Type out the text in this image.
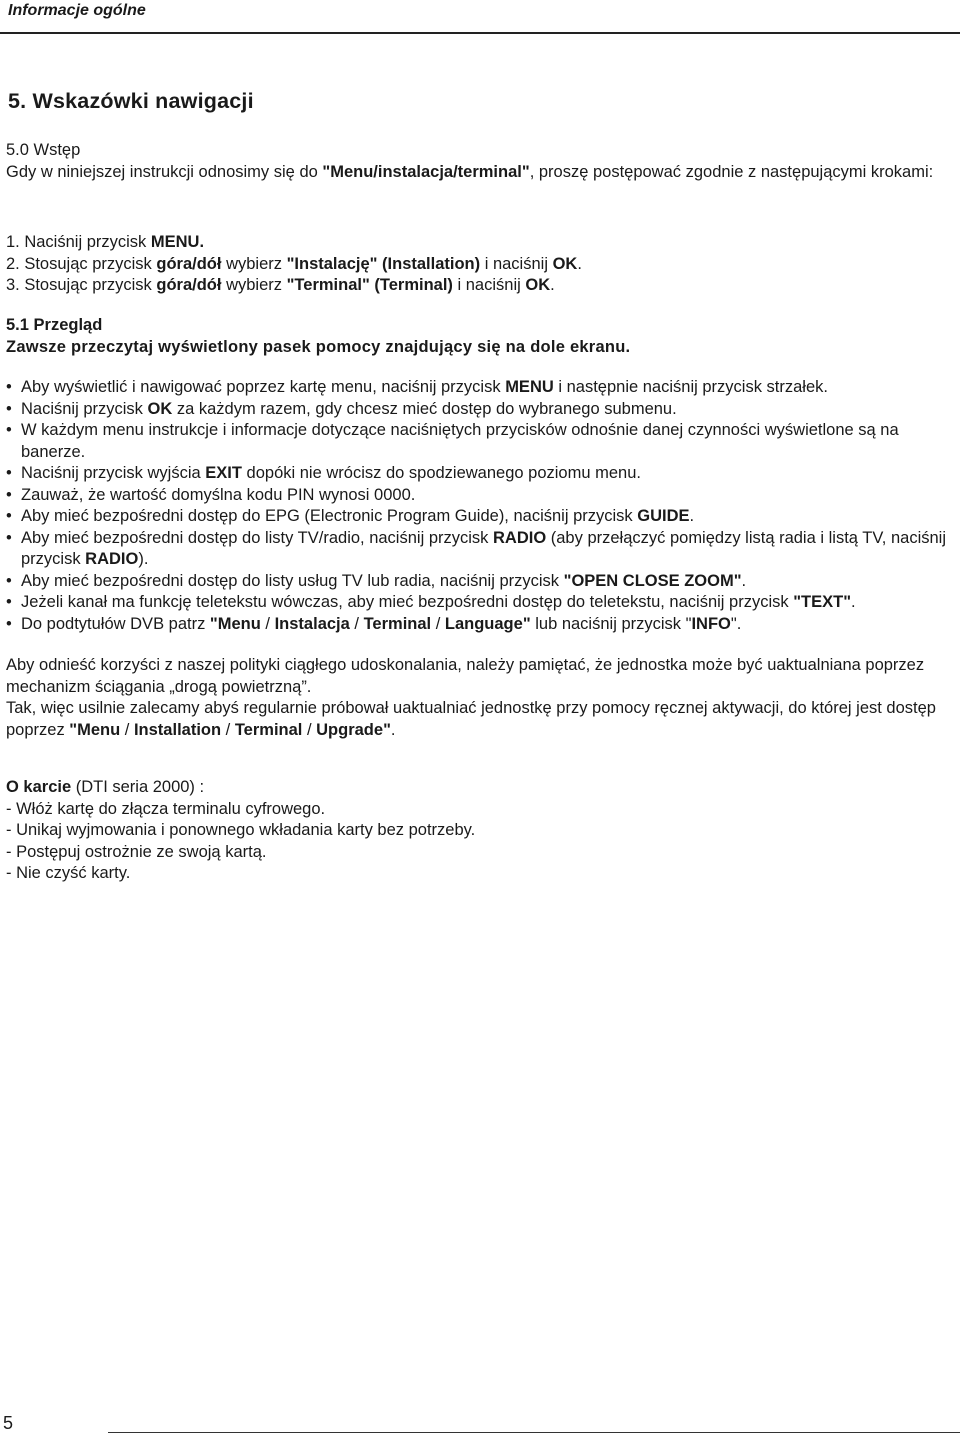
Informacje ogólne
5. Wskazówki nawigacji
5.0 Wstęp
Gdy w niniejszej instrukcji odnosimy się do "Menu/instalacja/terminal", proszę postępować zgodnie z następującymi krokami:
1. Naciśnij przycisk MENU.
2. Stosując przycisk góra/dół wybierz "Instalację" (Installation) i naciśnij OK.
3. Stosując przycisk góra/dół wybierz "Terminal" (Terminal) i naciśnij OK.
5.1 Przegląd
Zawsze przeczytaj wyświetlony pasek pomocy znajdujący się na dole ekranu.
• Aby wyświetlić i nawigować poprzez kartę menu, naciśnij przycisk MENU i następnie naciśnij przycisk strzałek.
• Naciśnij przycisk OK za każdym razem, gdy chcesz mieć dostęp do wybranego submenu.
• W każdym menu instrukcje i informacje dotyczące naciśniętych przycisków odnośnie danej czynności wyświetlone są na banerze.
• Naciśnij przycisk wyjścia EXIT dopóki nie wrócisz do spodziewanego poziomu menu.
• Zauważ, że wartość domyślna kodu PIN wynosi 0000.
• Aby mieć bezpośredni dostęp do EPG (Electronic Program Guide), naciśnij przycisk GUIDE.
• Aby mieć bezpośredni dostęp do listy TV/radio, naciśnij przycisk RADIO (aby przełączyć pomiędzy listą radia i listą TV, naciśnij przycisk RADIO).
• Aby mieć bezpośredni dostęp do listy usług TV lub radia, naciśnij przycisk "OPEN CLOSE ZOOM".
• Jeżeli kanał ma funkcję teletekstu wówczas, aby mieć bezpośredni dostęp do teletekstu, naciśnij przycisk "TEXT".
• Do podtytułów DVB patrz "Menu / Instalacja / Terminal / Language" lub naciśnij przycisk "INFO".
Aby odnieść korzyści z naszej polityki ciągłego udoskonalania, należy pamiętać, że jednostka może być uaktualniana poprzez mechanizm ściągania „drogą powietrzną”.
Tak, więc usilnie zalecamy abyś regularnie próbował uaktualniać jednostkę przy pomocy ręcznej aktywacji, do której jest dostęp poprzez "Menu / Installation / Terminal / Upgrade".
O karcie (DTI seria 2000) :
- Włóż kartę do złącza terminalu cyfrowego.
- Unikaj wyjmowania i ponownego wkładania karty bez potrzeby.
- Postępuj ostrożnie ze swoją kartą.
- Nie czyść karty.
5
